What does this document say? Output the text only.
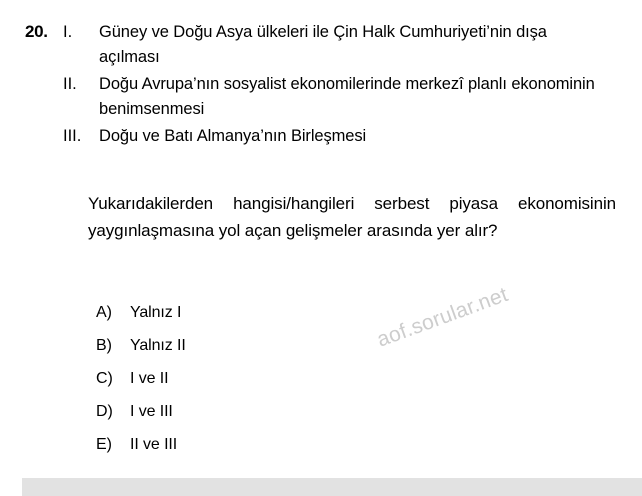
20. I.	Güney ve Doğu Asya ülkeleri ile Çin Halk Cumhuriyeti’nin dışa açılması
II.	Doğu Avrupa’nın sosyalist ekonomilerinde merkezî planlı ekonominin benimsenmesi
III.	Doğu ve Batı Almanya’nın Birleşmesi
Yukarıdakilerden hangisi/hangileri serbest piyasa ekonomisinin yaygınlaşmasına yol açan gelişmeler arasında yer alır?
A)	Yalnız I
B)	Yalnız II
C)	I ve II
D)	I ve III
E)	II ve III
aof.sorular.net
